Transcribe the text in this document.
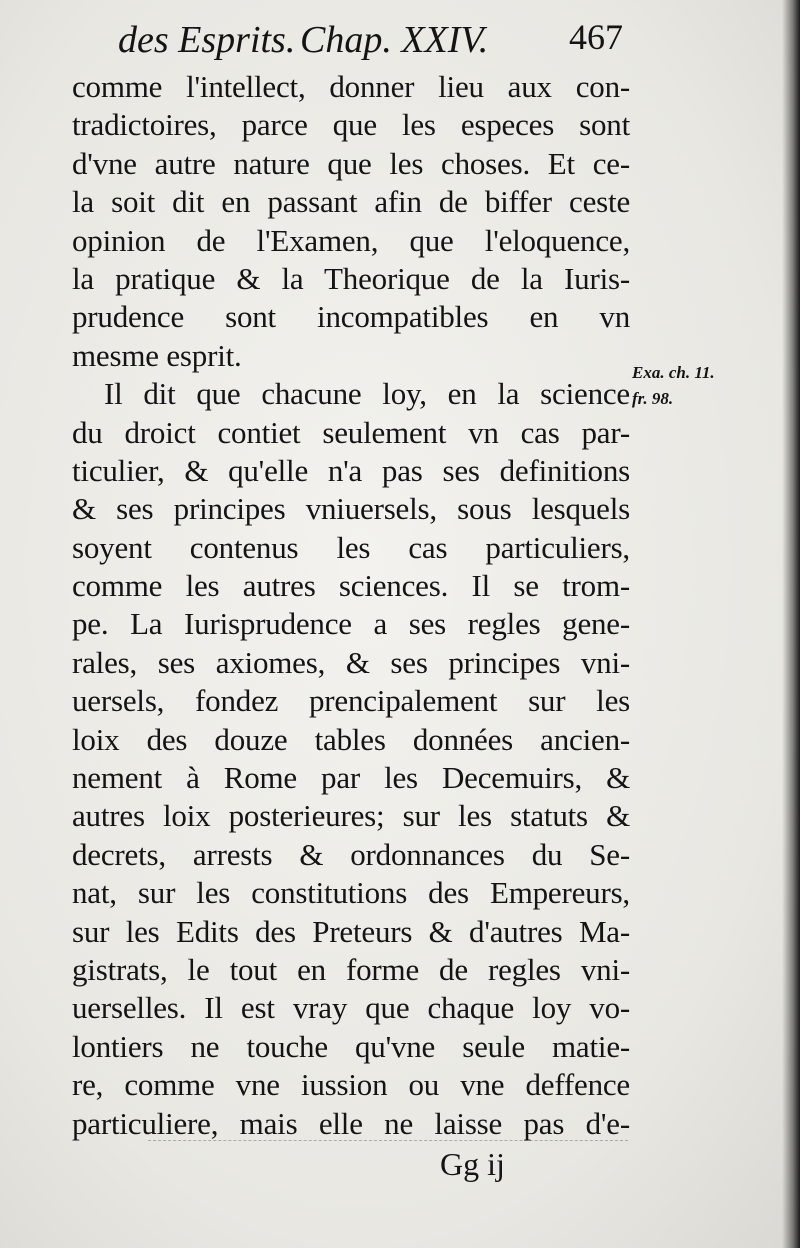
des Esprits. Chap. XXIV. 467
comme l'intellect, donner lieu aux con-
tradictoires, parce que les especes sont
d'vne autre nature que les choses. Et ce-
la soit dit en passant afin de biffer ceste
opinion de l'Examen, que l'eloquence,
la pratique & la Theorique de la Iuris-
prudence sont incompatibles en vn
mesme esprit.
Il dit que chacune loy, en la science
du droict contiet seulement vn cas par-
ticulier, & qu'elle n'a pas ses definitions
& ses principes vniuersels, sous lesquels
soyent contenus les cas particuliers,
comme les autres sciences. Il se trom-
pe. La Iurisprudence a ses regles gene-
rales, ses axiomes, & ses principes vni-
uersels, fondez prencipalement sur les
loix des douze tables données ancien-
nement à Rome par les Decemuirs, &
autres loix posterieures; sur les statuts &
decrets, arrests & ordonnances du Se-
nat, sur les constitutions des Empereurs,
sur les Edits des Preteurs & d'autres Ma-
gistrats, le tout en forme de regles vni-
uerselles. Il est vray que chaque loy vo-
lontiers ne touche qu'vne seule matie-
re, comme vne iussion ou vne deffence
particuliere, mais elle ne laisse pas d'e-
Exa. ch. 11.
fr. 98.
Gg ij
